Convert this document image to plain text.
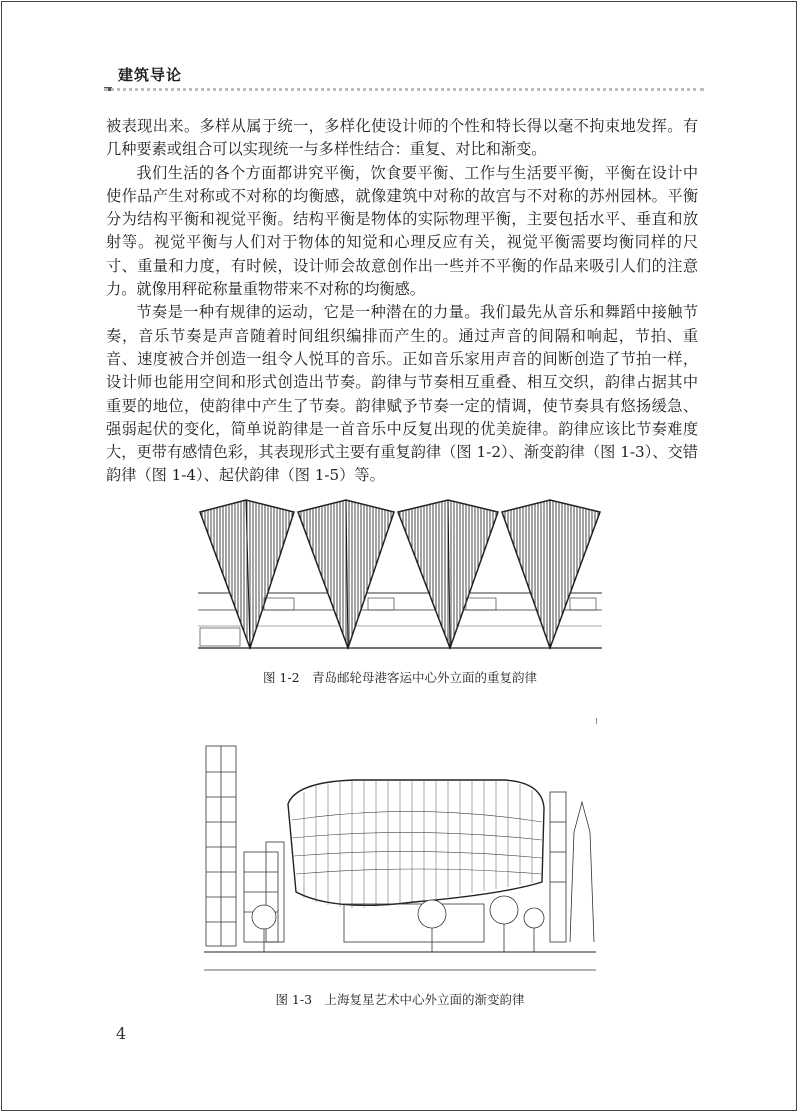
建筑导论

被表现出来。多样从属于统一，多样化使设计师的个性和特长得以毫不拘束地发挥。有几种要素或组合可以实现统一与多样性结合：重复、对比和渐变。

我们生活的各个方面都讲究平衡，饮食要平衡、工作与生活要平衡，平衡在设计中使作品产生对称或不对称的均衡感，就像建筑中对称的故宫与不对称的苏州园林。平衡分为结构平衡和视觉平衡。结构平衡是物体的实际物理平衡，主要包括水平、垂直和放射等。视觉平衡与人们对于物体的知觉和心理反应有关，视觉平衡需要均衡同样的尺寸、重量和力度，有时候，设计师会故意创作出一些并不平衡的作品来吸引人们的注意力。就像用秤砣称量重物带来不对称的均衡感。

节奏是一种有规律的运动，它是一种潜在的力量。我们最先从音乐和舞蹈中接触节奏，音乐节奏是声音随着时间组织编排而产生的。通过声音的间隔和响起，节拍、重音、速度被合并创造一组令人悦耳的音乐。正如音乐家用声音的间断创造了节拍一样，设计师也能用空间和形式创造出节奏。韵律与节奏相互重叠、相互交织，韵律占据其中重要的地位，使韵律中产生了节奏。韵律赋予节奏一定的情调，使节奏具有悠扬缓急、强弱起伏的变化，简单说韵律是一首音乐中反复出现的优美旋律。韵律应该比节奏难度大，更带有感情色彩，其表现形式主要有重复韵律（图 1-2）、渐变韵律（图 1-3）、交错韵律（图 1-4）、起伏韵律（图 1-5）等。

图 1-2　青岛邮轮母港客运中心外立面的重复韵律
图 1-3　上海复星艺术中心外立面的渐变韵律
4
